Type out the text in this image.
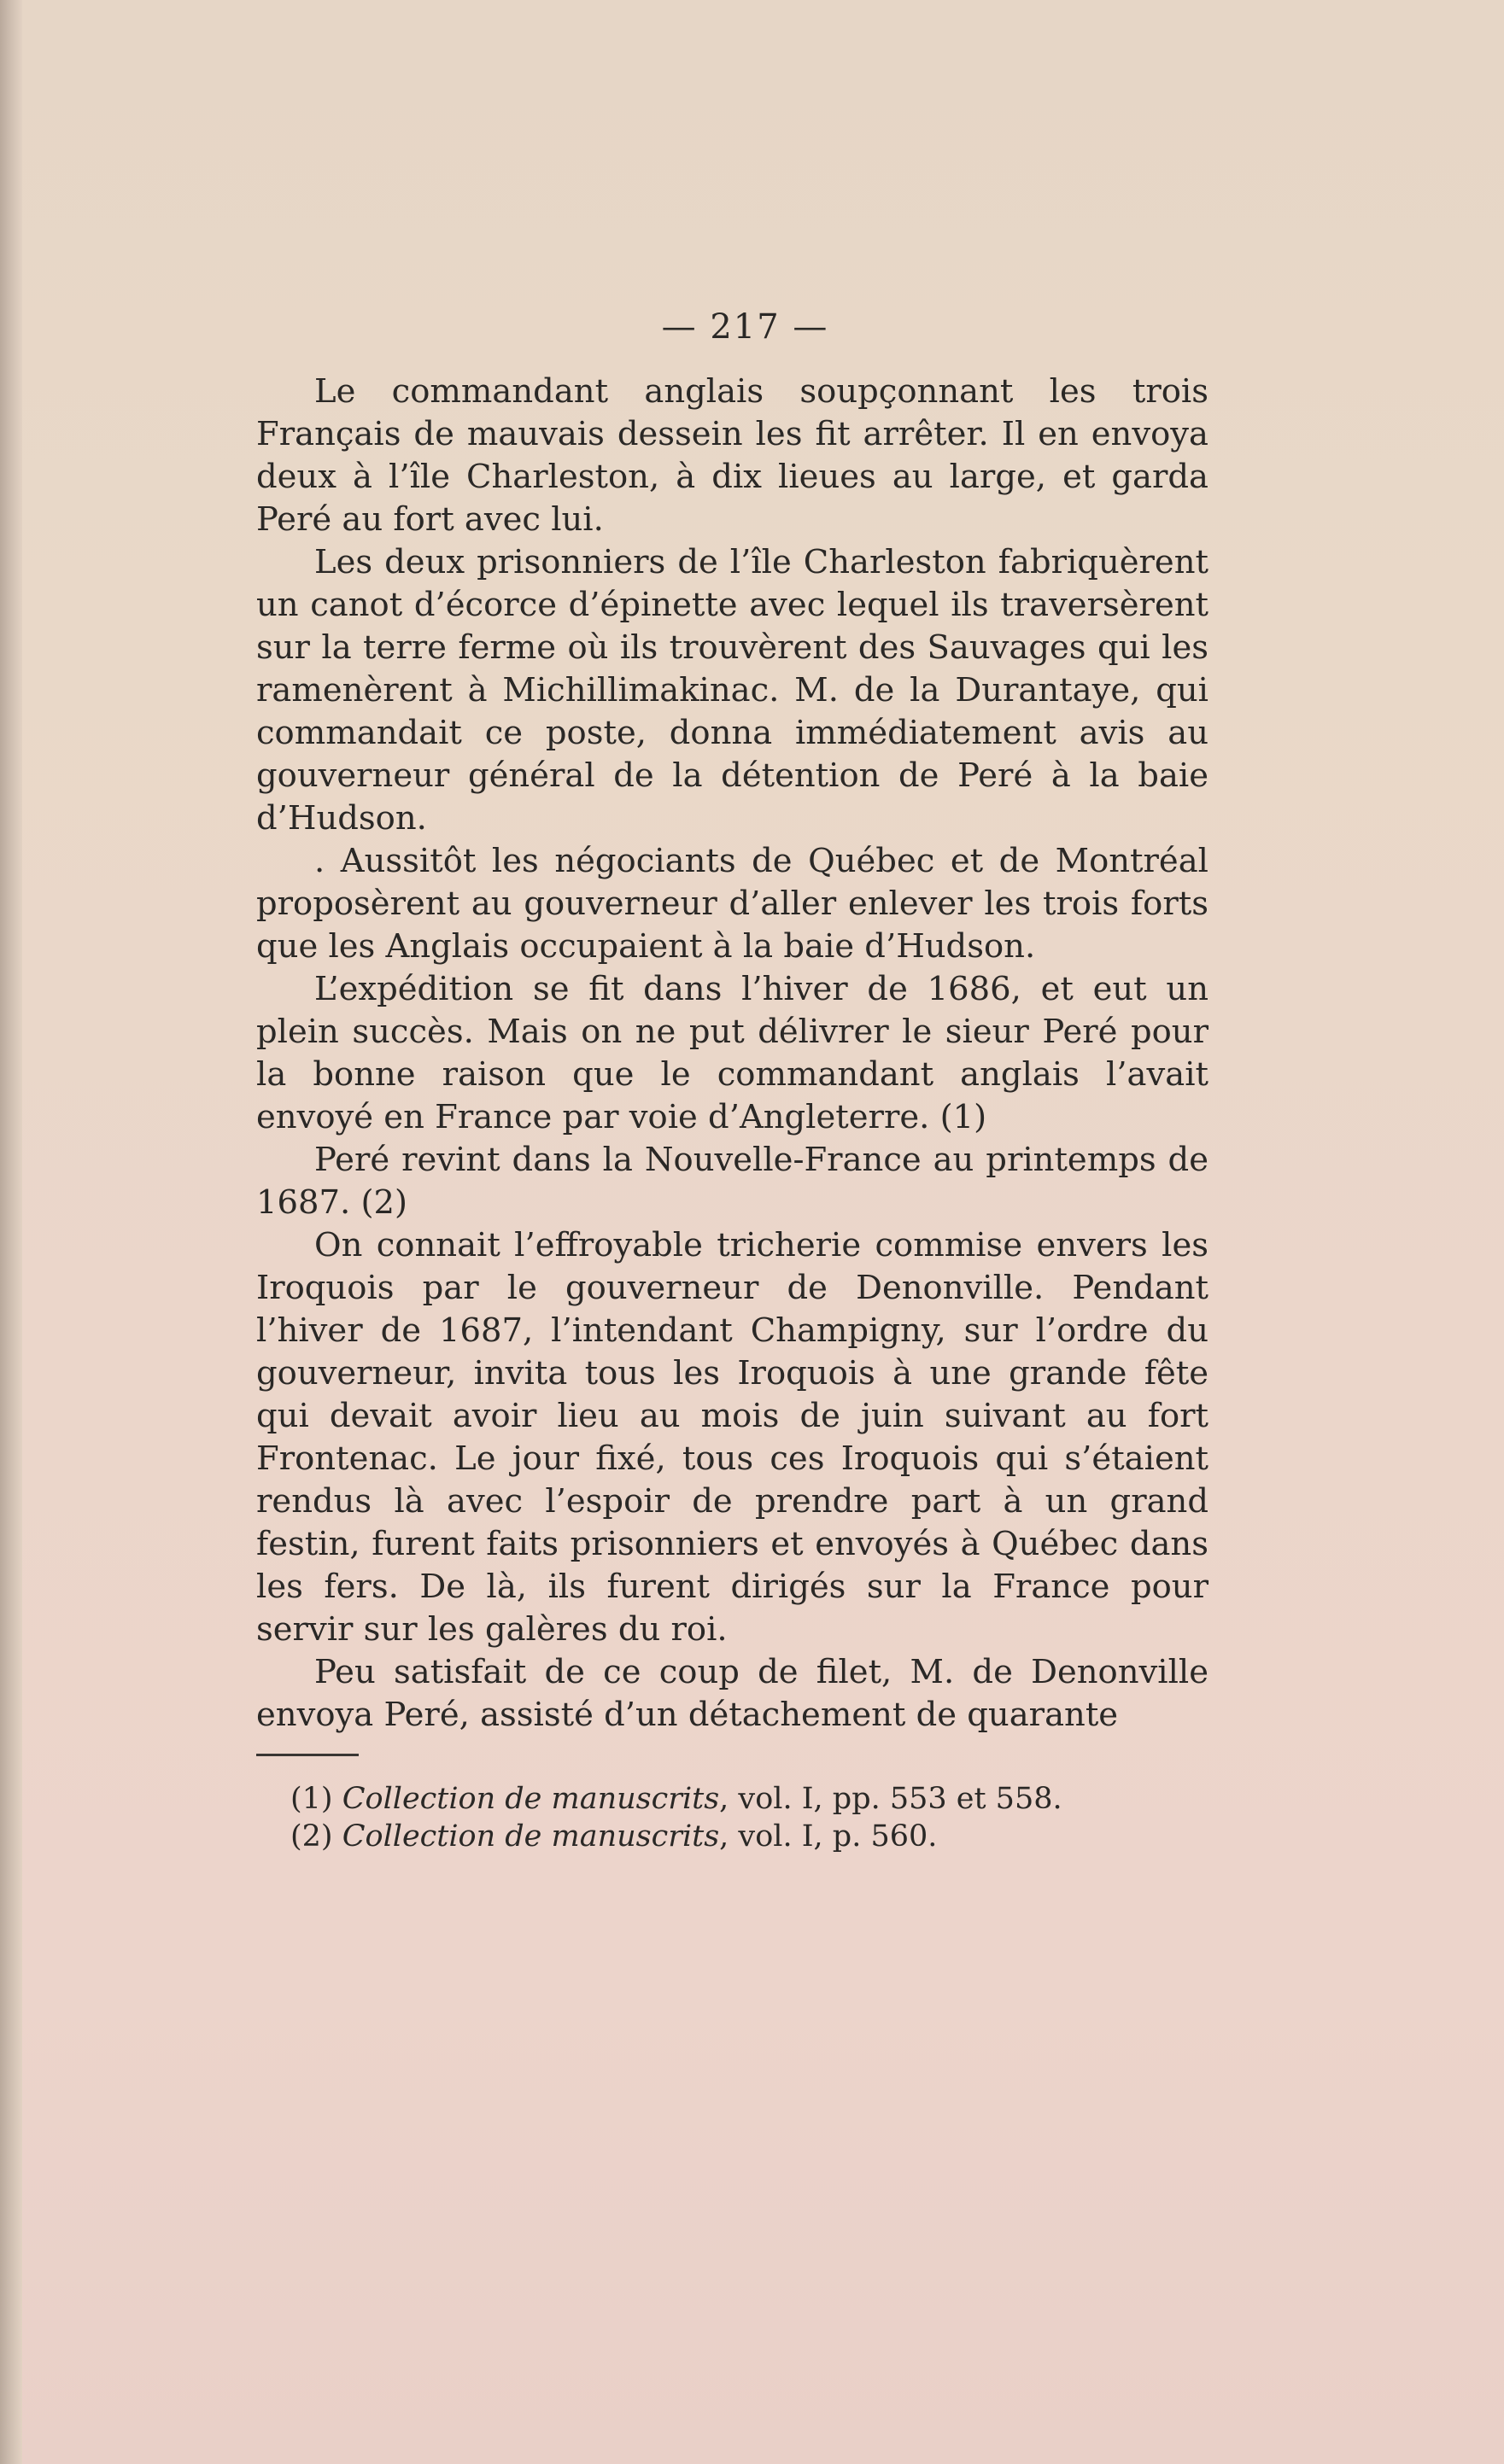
— 217 —

Le commandant anglais soupçonnant les trois Français de mauvais dessein les fit arrêter. Il en envoya deux à l’île Charleston, à dix lieues au large, et garda Peré au fort avec lui.

Les deux prisonniers de l’île Charleston fabriquèrent un canot d’écorce d’épinette avec lequel ils traversèrent sur la terre ferme où ils trouvèrent des Sauvages qui les ramenèrent à Michillimakinac. M. de la Durantaye, qui commandait ce poste, donna immédiatement avis au gouverneur général de la détention de Peré à la baie d’Hudson.

. Aussitôt les négociants de Québec et de Montréal proposèrent au gouverneur d’aller enlever les trois forts que les Anglais occupaient à la baie d’Hudson.

L’expédition se fit dans l’hiver de 1686, et eut un plein succès. Mais on ne put délivrer le sieur Peré pour la bonne raison que le commandant anglais l’avait envoyé en France par voie d’Angleterre. (1)

Peré revint dans la Nouvelle-France au printemps de 1687. (2)

On connait l’effroyable tricherie commise envers les Iroquois par le gouverneur de Denonville. Pendant l’hiver de 1687, l’intendant Champigny, sur l’ordre du gouverneur, invita tous les Iroquois à une grande fête qui devait avoir lieu au mois de juin suivant au fort Frontenac. Le jour fixé, tous ces Iroquois qui s’étaient rendus là avec l’espoir de prendre part à un grand festin, furent faits prisonniers et envoyés à Québec dans les fers. De là, ils furent dirigés sur la France pour servir sur les galères du roi.

Peu satisfait de ce coup de filet, M. de Denonville envoya Peré, assisté d’un détachement de quarante

(1) Collection de manuscrits, vol. I, pp. 553 et 558.

(2) Collection de manuscrits, vol. I, p. 560.
